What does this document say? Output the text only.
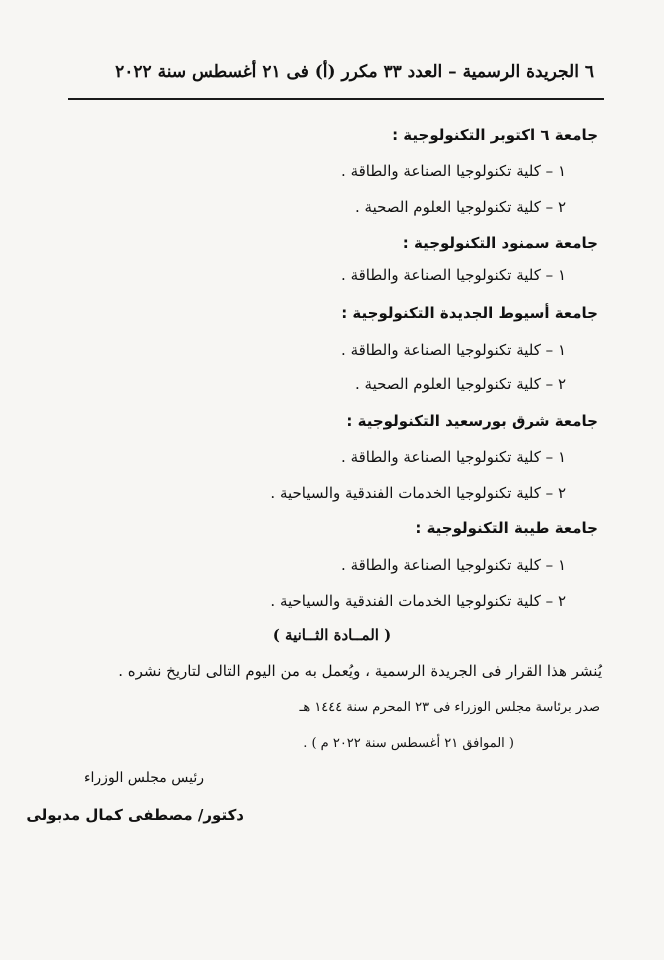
٦ الجريدة الرسمية – العدد ٣٣ مكرر (أ) فى ٢١ أغسطس سنة ٢٠٢٢
جامعة ٦ اكتوبر التكنولوجية :
١ – كلية تكنولوجيا الصناعة والطاقة .
٢ – كلية تكنولوجيا العلوم الصحية .
جامعة سمنود التكنولوجية :
١ – كلية تكنولوجيا الصناعة والطاقة .
جامعة أسيوط الجديدة التكنولوجية :
١ – كلية تكنولوجيا الصناعة والطاقة .
٢ – كلية تكنولوجيا العلوم الصحية .
جامعة شرق بورسعيد التكنولوجية :
١ – كلية تكنولوجيا الصناعة والطاقة .
٢ – كلية تكنولوجيا الخدمات الفندقية والسياحية .
جامعة طيبة التكنولوجية :
١ – كلية تكنولوجيا الصناعة والطاقة .
٢ – كلية تكنولوجيا الخدمات الفندقية والسياحية .
( المــادة الثــانية )
يُنشر هذا القرار فى الجريدة الرسمية ، ويُعمل به من اليوم التالى لتاريخ نشره .
صدر برئاسة مجلس الوزراء فى ٢٣ المحرم سنة ١٤٤٤ هـ
( الموافق ٢١ أغسطس سنة ٢٠٢٢ م ) .
رئيس مجلس الوزراء
دكتور/ مصطفى كمال مدبولى
